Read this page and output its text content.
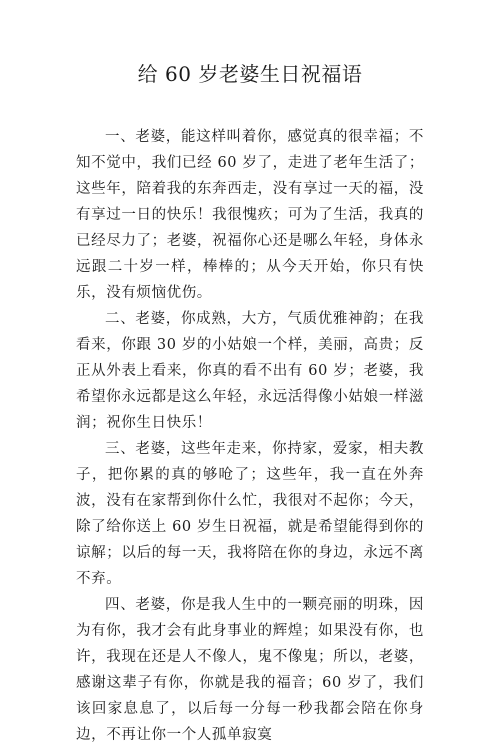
给 60 岁老婆生日祝福语

一、老婆，能这样叫着你，感觉真的很幸福；不知不觉中，我们已经 60 岁了，走进了老年生活了；这些年，陪着我的东奔西走，没有享过一天的福，没有享过一日的快乐！我很愧疚；可为了生活，我真的已经尽力了；老婆，祝福你心还是哪么年轻，身体永远跟二十岁一样，棒棒的；从今天开始，你只有快乐，没有烦恼优伤。

二、老婆，你成熟，大方，气质优雅神韵；在我看来，你跟 30 岁的小姑娘一个样，美丽，高贵；反正从外表上看来，你真的看不出有 60 岁；老婆，我希望你永远都是这么年轻，永远活得像小姑娘一样滋润；祝你生日快乐！

三、老婆，这些年走来，你持家，爱家，相夫教子，把你累的真的够呛了；这些年，我一直在外奔波，没有在家帮到你什么忙，我很对不起你；今天，除了给你送上 60 岁生日祝福，就是希望能得到你的谅解；以后的每一天，我将陪在你的身边，永远不离不弃。

四、老婆，你是我人生中的一颗亮丽的明珠，因为有你，我才会有此身事业的辉煌；如果没有你，也许，我现在还是人不像人，鬼不像鬼；所以，老婆，感谢这辈子有你，你就是我的福音；60 岁了，我们该回家息息了，以后每一分每一秒我都会陪在你身边，不再让你一个人孤单寂寞
